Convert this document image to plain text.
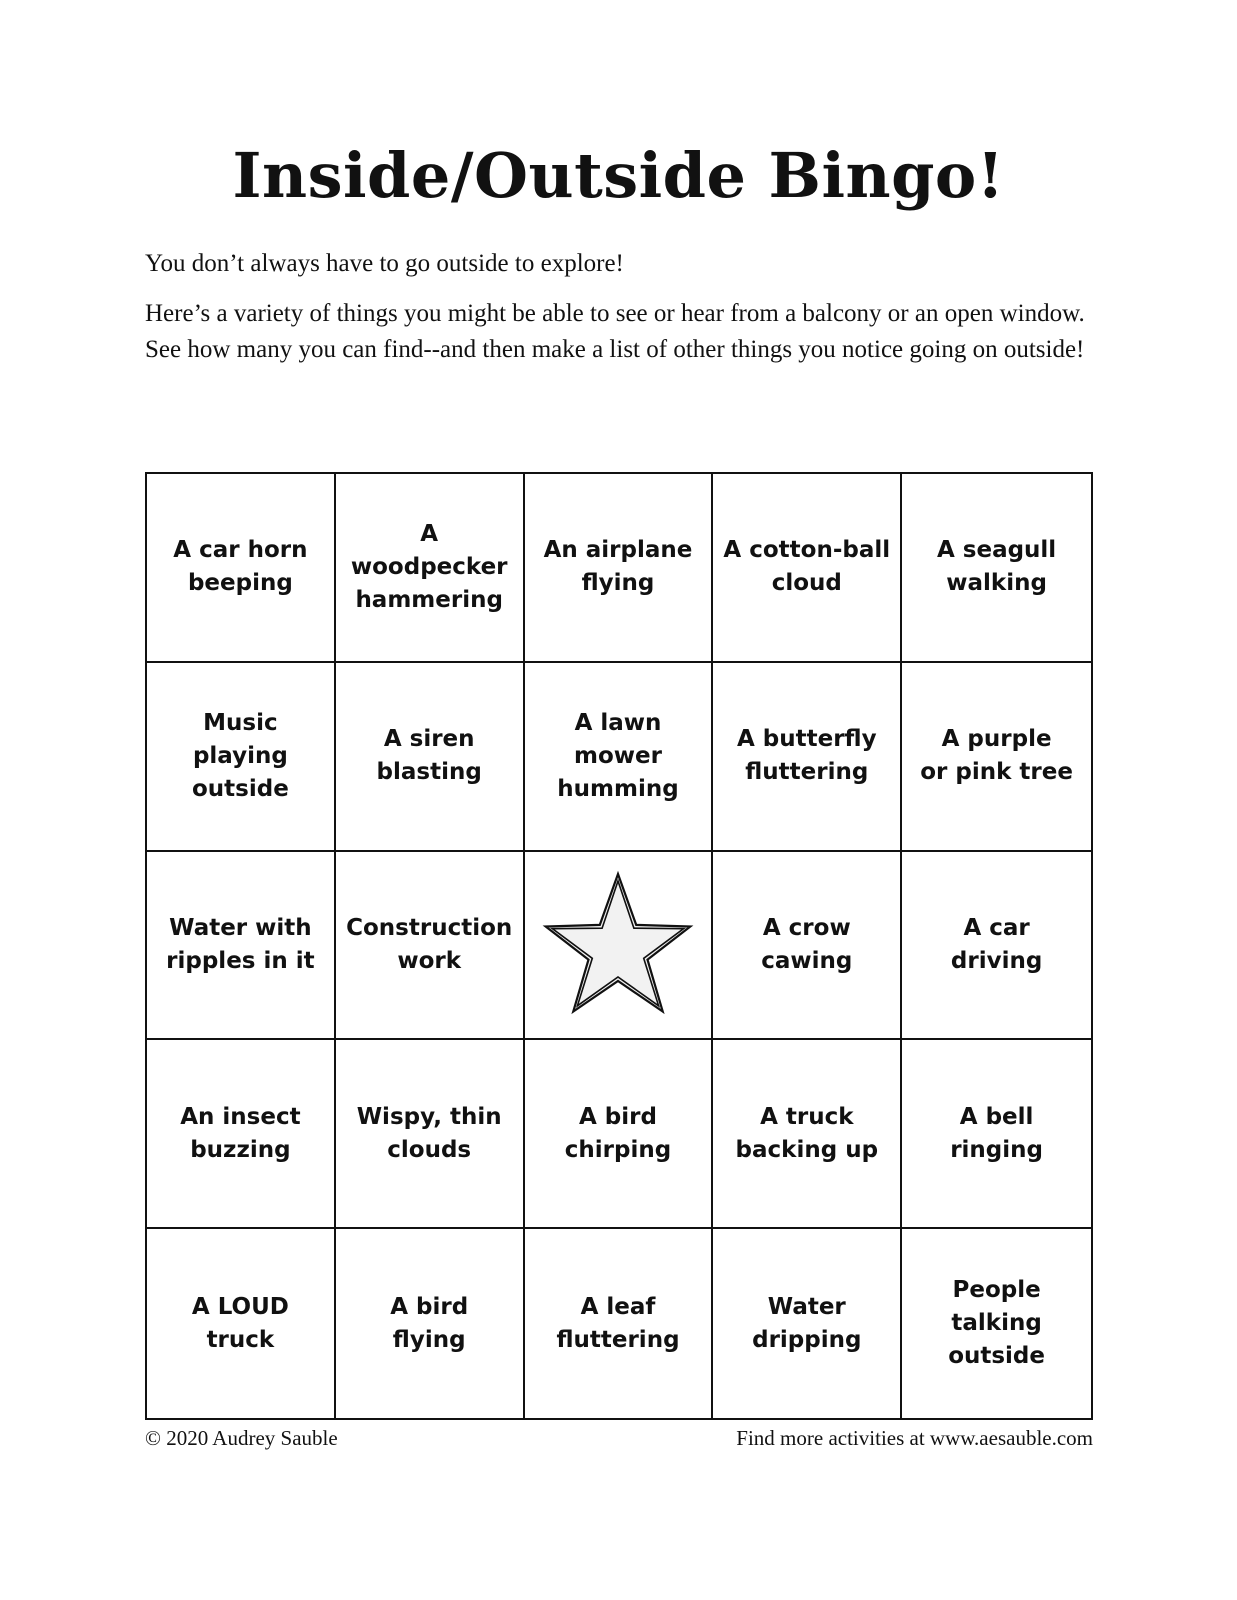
Inside/Outside Bingo!

You don’t always have to go outside to explore!

Here’s a variety of things you might be able to see or hear from a balcony or an open window. See how many you can find--and then make a list of other things you notice going on outside!

A car horn
beeping
A woodpecker
hammering
An airplane
flying
A cotton-ball
cloud
A seagull
walking
Music playing
outside
A siren
blasting
A lawn mower
humming
A butterfly
fluttering
A purple
or pink tree
Water with
ripples in it
Construction
work
A crow
cawing
A car
driving
An insect
buzzing
Wispy, thin
clouds
A bird
chirping
A truck
backing up
A bell
ringing
A LOUD
truck
A bird
flying
A leaf
fluttering
Water
dripping
People talking
outside
© 2020 Audrey Sauble	Find more activities at www.aesauble.com
